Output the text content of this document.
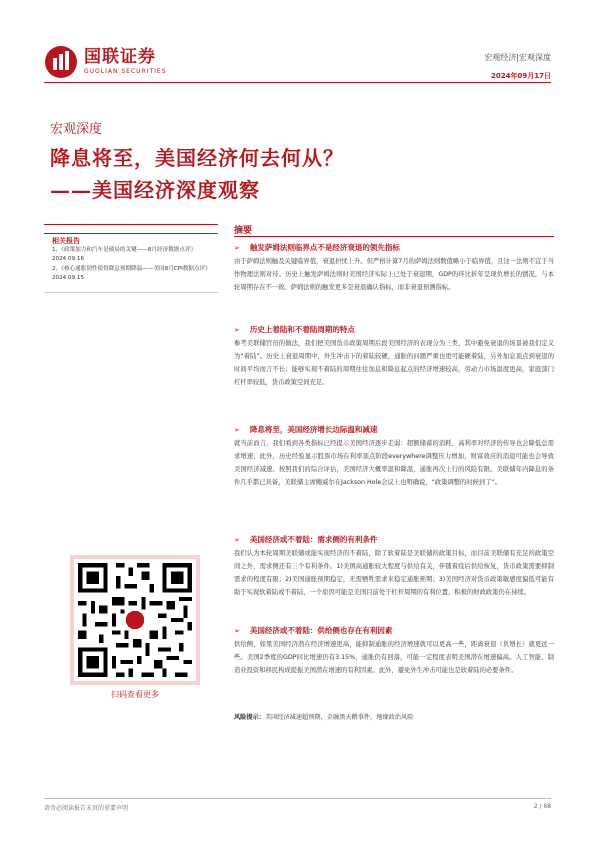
国联证券
GUOLIAN SECURITIES
宏观经济|宏观深度
2024年09月17日
宏观深度
降息将至，美国经济何去何从？
——美国经济深度观察
相关报告
1、《政策加力和汽车是破局的关键——8月经济数据点评》2024.09.16
2、《核心通胀韧性使得降息预期降温——美国8月CPI数据点评》2024.09.15
扫码查看更多
摘要
➢ 触发萨姆法则临界点不是经济衰退的领先指标

由于萨姆法则触及关键临界值，衰退担忧上升。但严格计算7月的萨姆法则数值略小于临界值，且这一法则不宜于当作物理法则对待。历史上触发萨姆法则时美国经济实际上已处于衰退期，GDP的环比折年呈现负增长的情况，与本轮周期存在不一致。萨姆法则的触发更多是衰退确认指标，而非衰退预测指标。

➢ 历史上着陆和不着陆周期的特点

参考美联储官员的做法，我们把美国货币政策周期后段美国经济的表现分为三类，其中避免衰退的场景被我们定义为“着陆”。历史上衰退周期中，外生冲击下的着陆较硬，通胀的问题严重也更可能硬着陆，另外加息顶点到衰退的时间平均而言不长；能够实现不着陆的周期往往加息和降息起点的经济增速较高，劳动力市场温度更高，家庭部门杠杆率较低，货币政策空间充足。

➢ 降息将至，美国经济增长边际温和减速

就当前而言，我们看到各类指标已经提示美国经济逐步走弱：超额储蓄的消耗、高利率对经济的传导也会降低总需求增速；此外，历史经验显示股票市场在利率顶点阶段everywhere调整压力增加，财富效应的消退可能也会导致美国经济减速。按照我们的综合评估，美国经济大概率温和降温，通胀再次上行的风险有限。美联储年内降息的条件几乎都已具备，美联储主席鲍威尔在Jackson Hole会议上也明确说，“政策调整的时候到了”。

➢ 美国经济或不着陆：需求侧的有利条件

我们认为本轮周期美联储或能实现经济的不着陆，除了软着陆是美联储的政策目标，而目前美联储有充足的政策空间之外，需求侧还有三个有利条件。1)美国高通胀较大程度与供给有关，伴随着疫后供给恢复，货币政策需要抑制需求的程度有限；2)美国通胀预期稳定，无需牺牲需求来稳定通胀预期；3)美国经济对货币政策敏感度偏低可能有助于实现软着陆或不着陆，一个原因可能是美国目前处于杠杆周期的有利位置，积极的财政政策仍在持续。

➢ 美国经济或不着陆：供给侧也存在有利因素

供给侧，如果美国经济潜在经济增速更高，能抑制通胀的经济增速就可以更高一些，距离衰退（负增长）就更远一些。美国2季度的GDP同比增速仍有3.15%，通胀仍有回落，可能一定程度表明美国潜在增速偏高。人工智能、制造业投资和移民构成提振美国潜在增速的有利因素。此外，避免外生冲击可能也是软着陆的必要条件。

风险提示：美国经济减速超预期，金融黑天鹅事件，地缘政治风险
请务必阅读报告末页的重要声明	2 / 68
